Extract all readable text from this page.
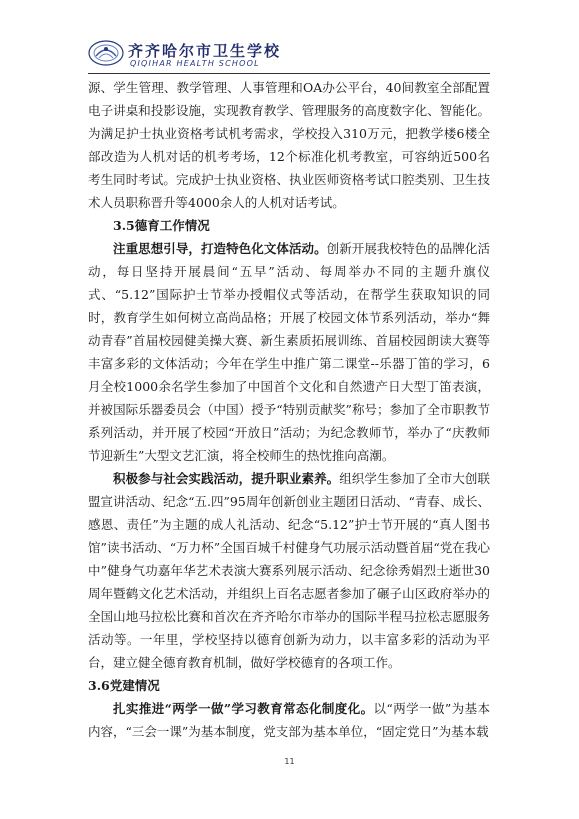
齐齐哈尔市卫生学校
QIQIHAR HEALTH SCHOOL

源、学生管理、教学管理、人事管理和OA办公平台，40间教室全部配置电子讲桌和投影设施，实现教育教学、管理服务的高度数字化、智能化。为满足护士执业资格考试机考需求，学校投入310万元，把教学楼6楼全部改造为人机对话的机考考场，12个标准化机考教室，可容纳近500名考生同时考试。完成护士执业资格、执业医师资格考试口腔类别、卫生技术人员职称晋升等4000余人的人机对话考试。

3.5德育工作情况

注重思想引导，打造特色化文体活动。创新开展我校特色的品牌化活动，每日坚持开展晨间“五早”活动、每周举办不同的主题升旗仪式、“5.12”国际护士节举办授帽仪式等活动，在帮学生获取知识的同时，教育学生如何树立高尚品格；开展了校园文体节系列活动，举办“舞动青春”首届校园健美操大赛、新生素质拓展训练、首届校园朗读大赛等丰富多彩的文体活动；今年在学生中推广第二课堂--乐器丁笛的学习，6月全校1000余名学生参加了中国首个文化和自然遗产日大型丁笛表演，并被国际乐器委员会（中国）授予“特别贡献奖”称号；参加了全市职教节系列活动，并开展了校园“开放日”活动；为纪念教师节，举办了“庆教师节迎新生”大型文艺汇演，将全校师生的热忱推向高潮。

积极参与社会实践活动，提升职业素养。组织学生参加了全市大创联盟宣讲活动、纪念“五.四”95周年创新创业主题团日活动、“青春、成长、感恩、责任”为主题的成人礼活动、纪念“5.12”护士节开展的“真人图书馆”读书活动、“万力杯”全国百城千村健身气功展示活动暨首届“党在我心中”健身气功嘉年华艺术表演大赛系列展示活动、纪念徐秀娟烈士逝世30周年暨鹤文化艺术活动，并组织上百名志愿者参加了碾子山区政府举办的全国山地马拉松比赛和首次在齐齐哈尔市举办的国际半程马拉松志愿服务活动等。一年里，学校坚持以德育创新为动力，以丰富多彩的活动为平台，建立健全德育教育机制，做好学校德育的各项工作。

3.6党建情况

扎实推进“两学一做”学习教育常态化制度化。以“两学一做”为基本内容，“三会一课”为基本制度，党支部为基本单位，“固定党日”为基本载

11
